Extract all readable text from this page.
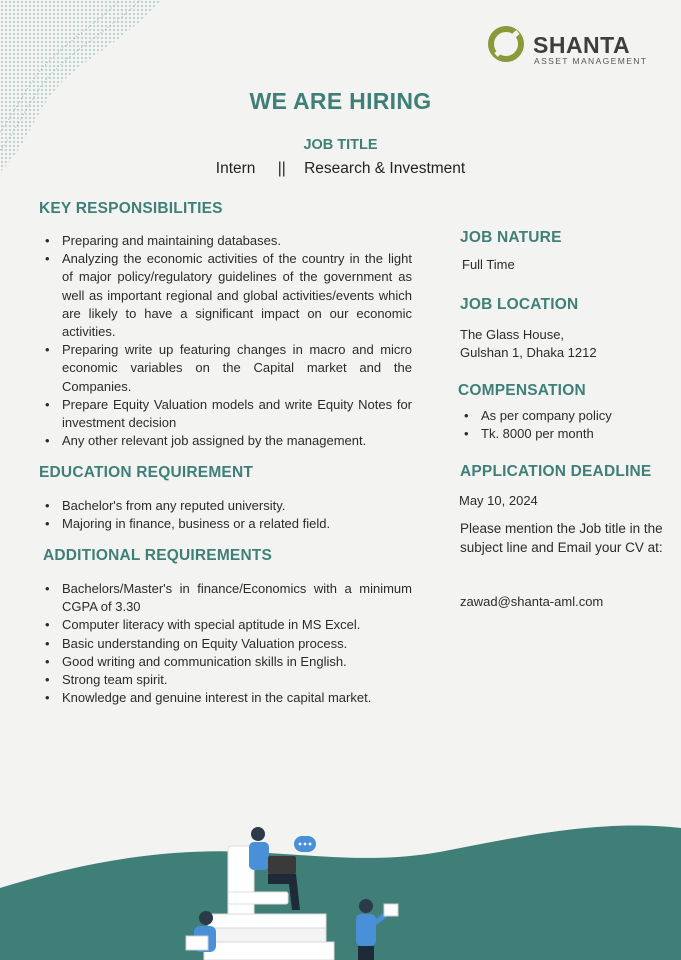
SHANTA
ASSET MANAGEMENT
WE ARE HIRING
JOB TITLE
Intern || Research & Investment
KEY RESPONSIBILITIES
• Preparing and maintaining databases.
• Analyzing the economic activities of the country in the light of major policy/regulatory guidelines of the government as well as important regional and global activities/events which are likely to have a significant impact on our economic activities.
• Preparing write up featuring changes in macro and micro economic variables on the Capital market and the Companies.
• Prepare Equity Valuation models and write Equity Notes for investment decision
• Any other relevant job assigned by the management.
EDUCATION REQUIREMENT
• Bachelor's from any reputed university.
• Majoring in finance, business or a related field.
ADDITIONAL REQUIREMENTS
• Bachelors/Master's in finance/Economics with a minimum CGPA of 3.30
• Computer literacy with special aptitude in MS Excel.
• Basic understanding on Equity Valuation process.
• Good writing and communication skills in English.
• Strong team spirit.
• Knowledge and genuine interest in the capital market.
JOB NATURE
Full Time
JOB LOCATION
The Glass House,
Gulshan 1, Dhaka 1212
COMPENSATION
• As per company policy
• Tk. 8000 per month
APPLICATION DEADLINE
May 10, 2024
Please mention the Job title in the subject line and Email your CV at:
zawad@shanta-aml.com
